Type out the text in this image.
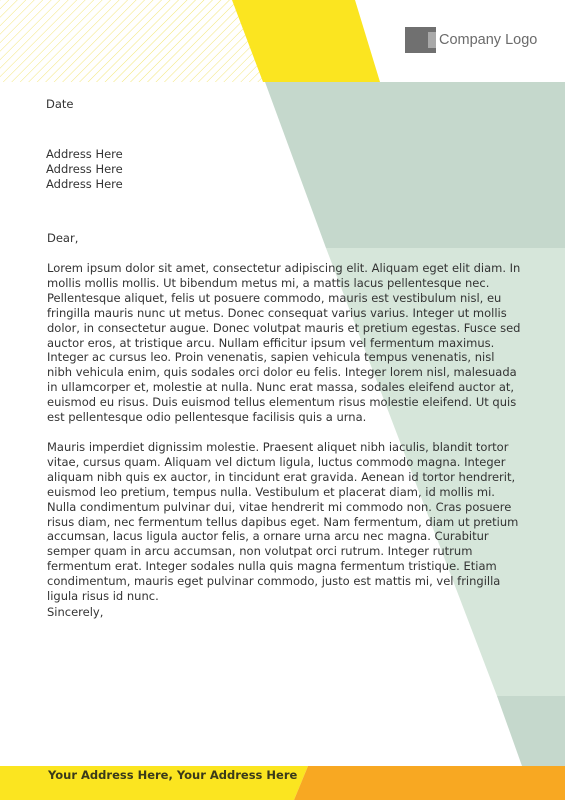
Company Logo
Date
Address Here
Address Here
Address Here
Dear,

Lorem ipsum dolor sit amet, consectetur adipiscing elit. Aliquam eget elit diam. In mollis mollis mollis. Ut bibendum metus mi, a mattis lacus pellentesque nec. Pellentesque aliquet, felis ut posuere commodo, mauris est vestibulum nisl, eu fringilla mauris nunc ut metus. Donec consequat varius varius. Integer ut mollis dolor, in consectetur augue. Donec volutpat mauris et pretium egestas. Fusce sed auctor eros, at tristique arcu. Nullam efficitur ipsum vel fermentum maximus. Integer ac cursus leo. Proin venenatis, sapien vehicula tempus venenatis, nisl nibh vehicula enim, quis sodales orci dolor eu felis. Integer lorem nisl, malesuada in ullamcorper et, molestie at nulla. Nunc erat massa, sodales eleifend auctor at, euismod eu risus. Duis euismod tellus elementum risus molestie eleifend. Ut quis est pellentesque odio pellentesque facilisis quis a urna.

Mauris imperdiet dignissim molestie. Praesent aliquet nibh iaculis, blandit tortor vitae, cursus quam. Aliquam vel dictum ligula, luctus commodo magna. Integer aliquam nibh quis ex auctor, in tincidunt erat gravida. Aenean id tortor hendrerit, euismod leo pretium, tempus nulla. Vestibulum et placerat diam, id mollis mi. Nulla condimentum pulvinar dui, vitae hendrerit mi commodo non. Cras posuere risus diam, nec fermentum tellus dapibus eget. Nam fermentum, diam ut pretium accumsan, lacus ligula auctor felis, a ornare urna arcu nec magna. Curabitur semper quam in arcu accumsan, non volutpat orci rutrum. Integer rutrum fermentum erat. Integer sodales nulla quis magna fermentum tristique. Etiam condimentum, mauris eget pulvinar commodo, justo est mattis mi, vel fringilla ligula risus id nunc.

Sincerely,
Your Address Here, Your Address Here
